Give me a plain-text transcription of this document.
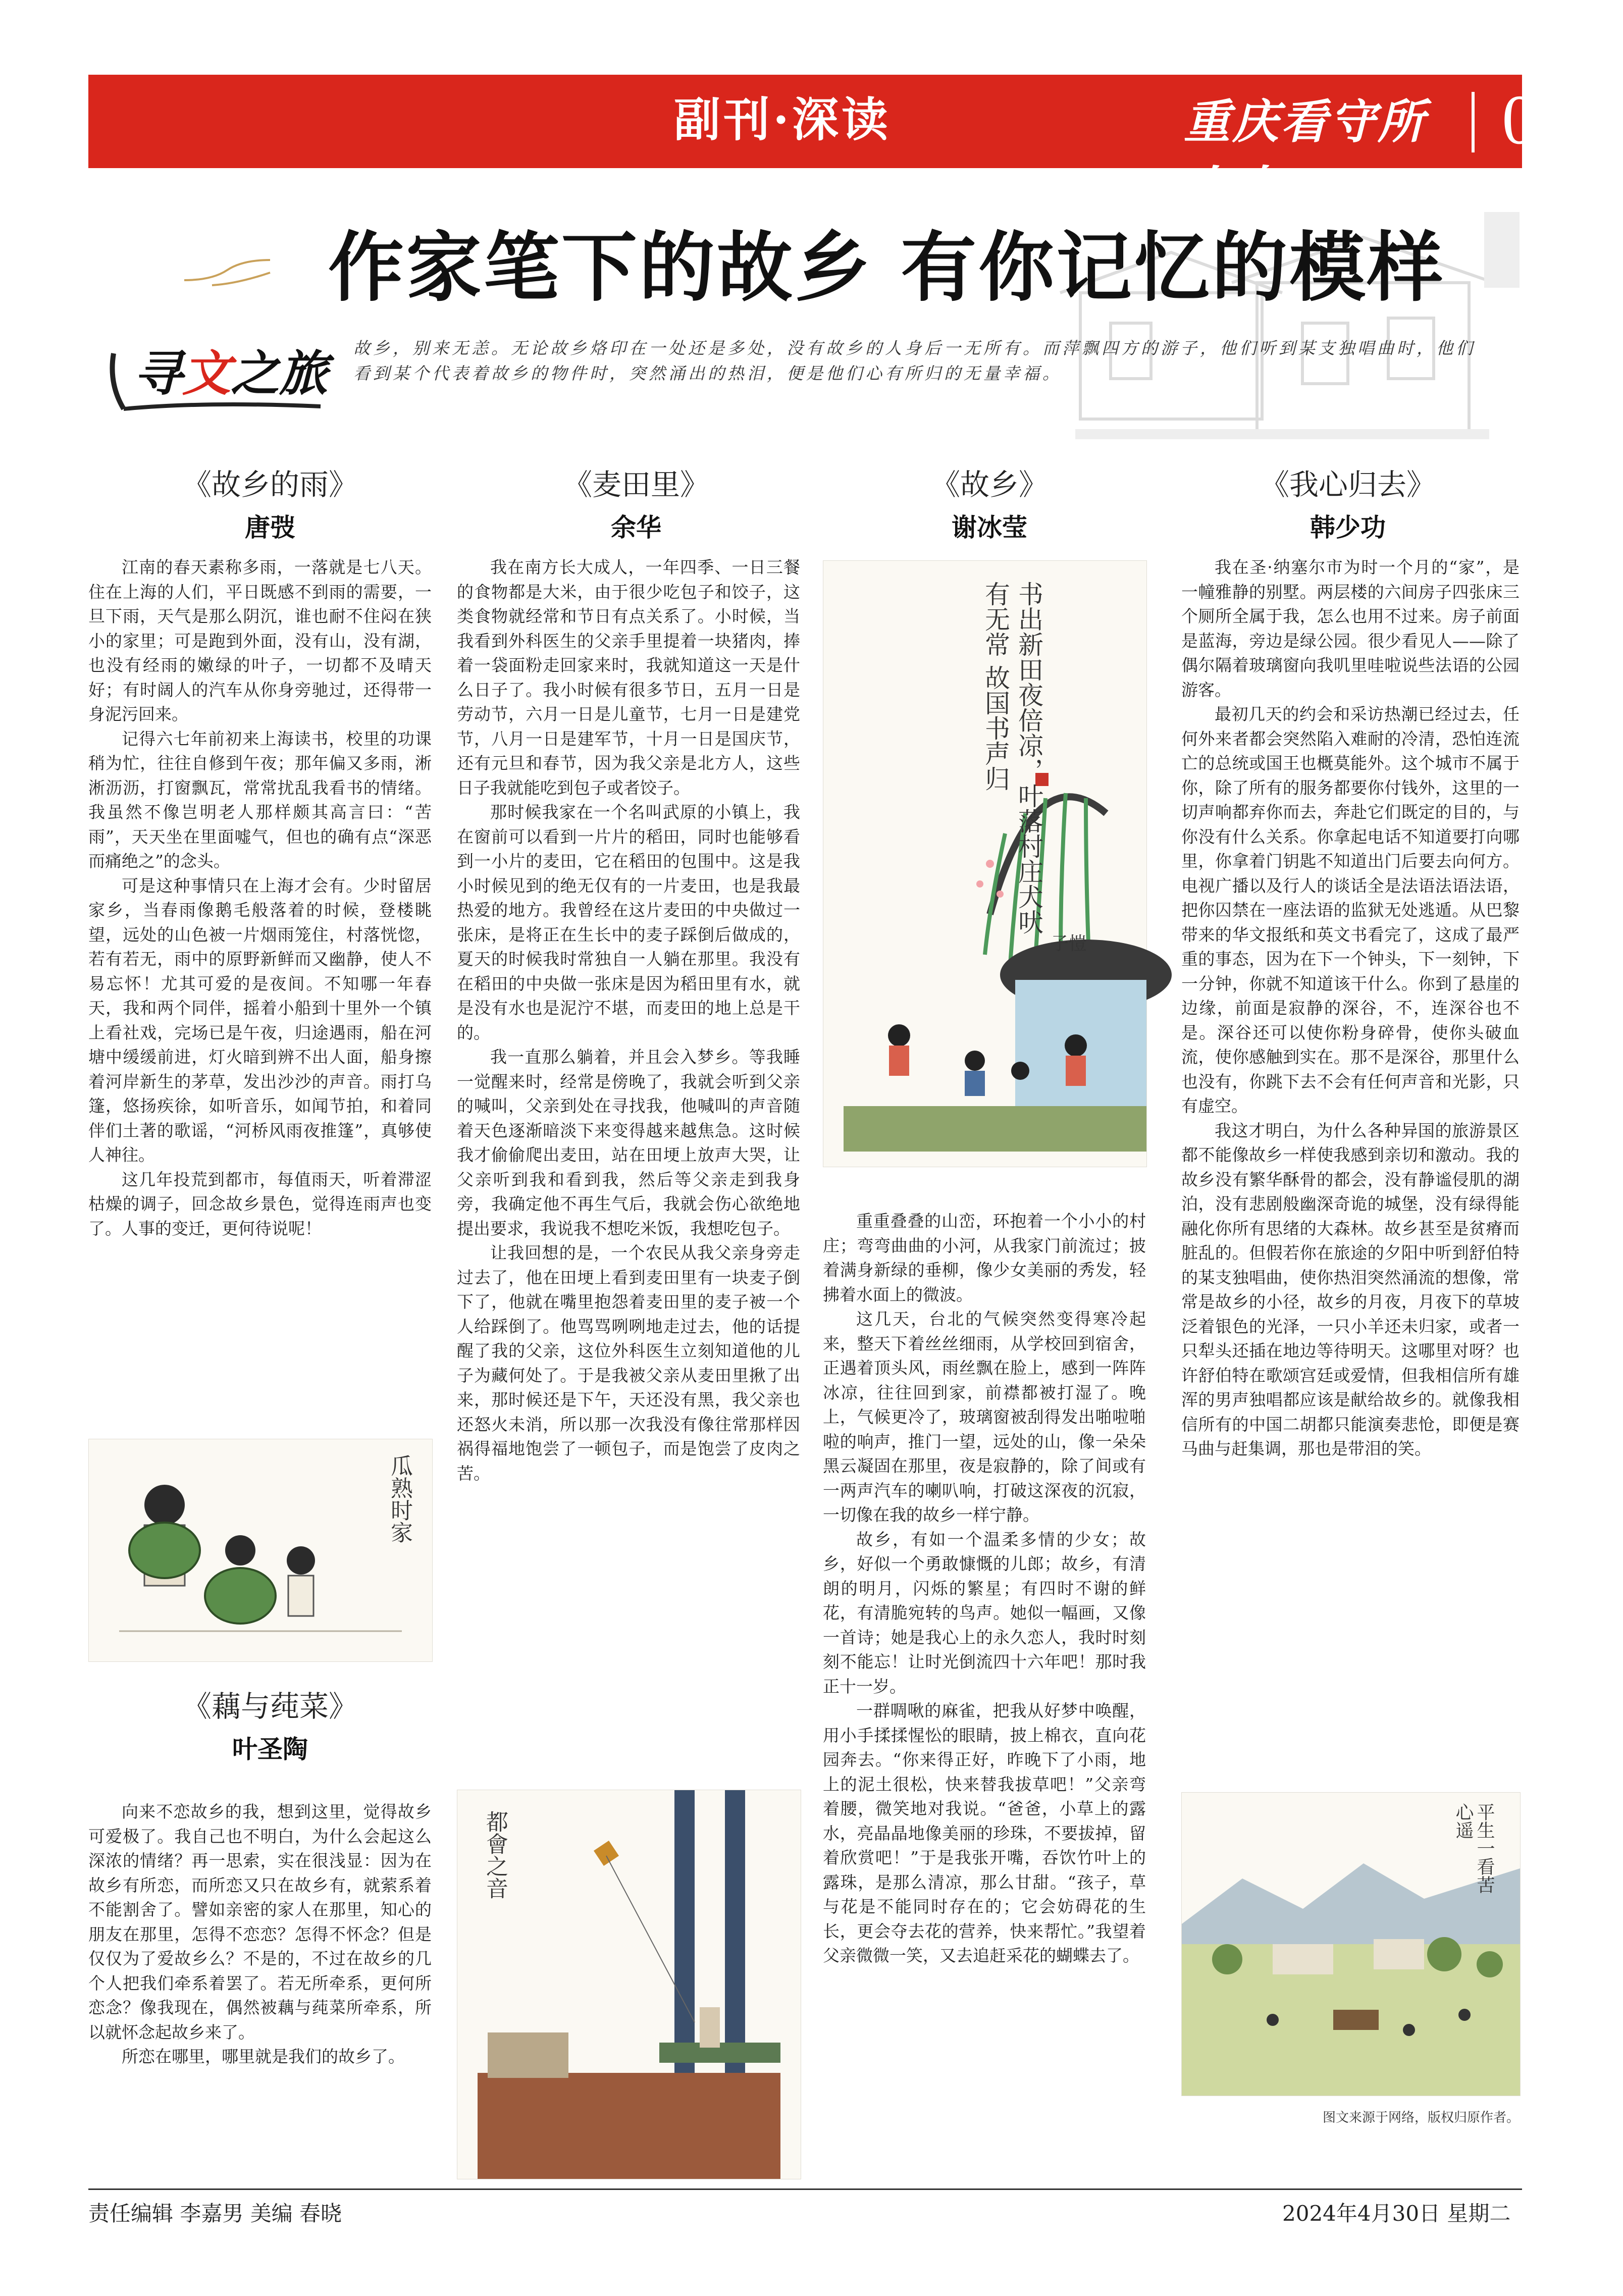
副刊·深读	重庆看守所人士
07
作家笔下的故乡 有你记忆的模样
寻文之旅 故乡，别来无恙。无论故乡烙印在一处还是多处，没有故乡的人身后一无所有。而萍飘四方的游子，他们听到某支独唱曲时，他们看到某个代表着故乡的物件时，突然涌出的热泪，便是他们心有所归的无量幸福。
《故乡的雨》
唐弢

江南的春天素称多雨，一落就是七八天。住在上海的人们，平日既感不到雨的需要，一旦下雨，天气是那么阴沉，谁也耐不住闷在狭小的家里；可是跑到外面，没有山，没有湖，也没有经雨的嫩绿的叶子，一切都不及晴天好；有时阔人的汽车从你身旁驰过，还得带一身泥污回来。

记得六七年前初来上海读书，校里的功课稍为忙，往往自修到午夜；那年偏又多雨，淅淅沥沥，打窗飘瓦，常常扰乱我看书的情绪。我虽然不像岂明老人那样颇其高言曰：“苦雨”，天天坐在里面嘘气，但也的确有点“深恶而痛绝之”的念头。

可是这种事情只在上海才会有。少时留居家乡，当春雨像鹅毛般落着的时候，登楼眺望，远处的山色被一片烟雨笼住，村落恍惚，若有若无，雨中的原野新鲜而又幽静，使人不易忘怀！尤其可爱的是夜间。不知哪一年春天，我和两个同伴，摇着小船到十里外一个镇上看社戏，完场已是午夜，归途遇雨，船在河塘中缓缓前进，灯火暗到辨不出人面，船身擦着河岸新生的茅草，发出沙沙的声音。雨打乌篷，悠扬疾徐，如听音乐，如闻节拍，和着同伴们土著的歌谣，“河桥风雨夜推篷”，真够使人神往。

这几年投荒到都市，每值雨天，听着滞涩枯燥的调子，回念故乡景色，觉得连雨声也变了。人事的变迁，更何待说呢！

瓜熟时家
《藕与莼菜》
叶圣陶

向来不恋故乡的我，想到这里，觉得故乡可爱极了。我自己也不明白，为什么会起这么深浓的情绪？再一思索，实在很浅显：因为在故乡有所恋，而所恋又只在故乡有，就萦系着不能割舍了。譬如亲密的家人在那里，知心的朋友在那里，怎得不恋恋？怎得不怀念？但是仅仅为了爱故乡么？不是的，不过在故乡的几个人把我们牵系着罢了。若无所牵系，更何所恋念？像我现在，偶然被藕与莼菜所牵系，所以就怀念起故乡来了。

所恋在哪里，哪里就是我们的故乡了。

《麦田里》
余华

我在南方长大成人，一年四季、一日三餐的食物都是大米，由于很少吃包子和饺子，这类食物就经常和节日有点关系了。小时候，当我看到外科医生的父亲手里提着一块猪肉，捧着一袋面粉走回家来时，我就知道这一天是什么日子了。我小时候有很多节日，五月一日是劳动节，六月一日是儿童节，七月一日是建党节，八月一日是建军节，十月一日是国庆节，还有元旦和春节，因为我父亲是北方人，这些日子我就能吃到包子或者饺子。

那时候我家在一个名叫武原的小镇上，我在窗前可以看到一片片的稻田，同时也能够看到一小片的麦田，它在稻田的包围中。这是我小时候见到的绝无仅有的一片麦田，也是我最热爱的地方。我曾经在这片麦田的中央做过一张床，是将正在生长中的麦子踩倒后做成的，夏天的时候我时常独自一人躺在那里。我没有在稻田的中央做一张床是因为稻田里有水，就是没有水也是泥泞不堪，而麦田的地上总是干的。

我一直那么躺着，并且会入梦乡。等我睡一觉醒来时，经常是傍晚了，我就会听到父亲的喊叫，父亲到处在寻找我，他喊叫的声音随着天色逐渐暗淡下来变得越来越焦急。这时候我才偷偷爬出麦田，站在田埂上放声大哭，让父亲听到我和看到我，然后等父亲走到我身旁，我确定他不再生气后，我就会伤心欲绝地提出要求，我说我不想吃米饭，我想吃包子。

让我回想的是，一个农民从我父亲身旁走过去了，他在田埂上看到麦田里有一块麦子倒下了，他就在嘴里抱怨着麦田里的麦子被一个人给踩倒了。他骂骂咧咧地走过去，他的话提醒了我的父亲，这位外科医生立刻知道他的儿子为藏何处了。于是我被父亲从麦田里揪了出来，那时候还是下午，天还没有黑，我父亲也还怒火未消，所以那一次我没有像往常那样因祸得福地饱尝了一顿包子，而是饱尝了皮肉之苦。

都會之音
《故乡》
谢冰莹
书出新田夜倍凉，叶落村庄犬吠有无常 故国书声归
子愷

重重叠叠的山峦，环抱着一个小小的村庄；弯弯曲曲的小河，从我家门前流过；披着满身新绿的垂柳，像少女美丽的秀发，轻拂着水面上的微波。

这几天，台北的气候突然变得寒冷起来，整天下着丝丝细雨，从学校回到宿舍，正遇着顶头风，雨丝飘在脸上，感到一阵阵冰凉，往往回到家，前襟都被打湿了。晚上，气候更冷了，玻璃窗被刮得发出啪啦啪啦的响声，推门一望，远处的山，像一朵朵黑云凝固在那里，夜是寂静的，除了间或有一两声汽车的喇叭响，打破这深夜的沉寂，一切像在我的故乡一样宁静。

故乡，有如一个温柔多情的少女；故乡，好似一个勇敢慷慨的儿郎；故乡，有清朗的明月，闪烁的繁星；有四时不谢的鲜花，有清脆宛转的鸟声。她似一幅画，又像一首诗；她是我心上的永久恋人，我时时刻刻不能忘！让时光倒流四十六年吧！那时我正十一岁。

一群啁啾的麻雀，把我从好梦中唤醒，用小手揉揉惺忪的眼睛，披上棉衣，直向花园奔去。“你来得正好，昨晚下了小雨，地上的泥土很松，快来替我拔草吧！”父亲弯着腰，微笑地对我说。“爸爸，小草上的露水，亮晶晶地像美丽的珍珠，不要拔掉，留着欣赏吧！”于是我张开嘴，吞饮竹叶上的露珠，是那么清凉，那么甘甜。“孩子，草与花是不能同时存在的；它会妨碍花的生长，更会夺去花的营养，快来帮忙。”我望着父亲微微一笑，又去追赶采花的蝴蝶去了。

《我心归去》
韩少功

我在圣·纳塞尔市为时一个月的“家”，是一幢雅静的别墅。两层楼的六间房子四张床三个厕所全属于我，怎么也用不过来。房子前面是蓝海，旁边是绿公园。很少看见人——除了偶尔隔着玻璃窗向我叽里哇啦说些法语的公园游客。

最初几天的约会和采访热潮已经过去，任何外来者都会突然陷入难耐的冷清，恐怕连流亡的总统或国王也概莫能外。这个城市不属于你，除了所有的服务都要你付钱外，这里的一切声响都弃你而去，奔赴它们既定的目的，与你没有什么关系。你拿起电话不知道要打向哪里，你拿着门钥匙不知道出门后要去向何方。电视广播以及行人的谈话全是法语法语法语，把你囚禁在一座法语的监狱无处逃遁。从巴黎带来的华文报纸和英文书看完了，这成了最严重的事态，因为在下一个钟头，下一刻钟，下一分钟，你就不知道该干什么。你到了悬崖的边缘，前面是寂静的深谷，不，连深谷也不是。深谷还可以使你粉身碎骨，使你头破血流，使你感触到实在。那不是深谷，那里什么也没有，你跳下去不会有任何声音和光影，只有虚空。

我这才明白，为什么各种异国的旅游景区都不能像故乡一样使我感到亲切和激动。我的故乡没有繁华酥骨的都会，没有静谧侵肌的湖泊，没有悲剧般幽深奇诡的城堡，没有绿得能融化你所有思绪的大森林。故乡甚至是贫瘠而脏乱的。但假若你在旅途的夕阳中听到舒伯特的某支独唱曲，使你热泪突然涌流的想像，常常是故乡的小径，故乡的月夜，月夜下的草坡泛着银色的光泽，一只小羊还未归家，或者一只犁头还插在地边等待明天。这哪里对呀？也许舒伯特在歌颂宫廷或爱情，但我相信所有雄浑的男声独唱都应该是献给故乡的。就像我相信所有的中国二胡都只能演奏悲怆，即便是赛马曲与赶集调，那也是带泪的笑。

平生一看苦心遥
图文来源于网络，版权归原作者。
责任编辑 李嘉男 美编 春晓	2024年4月30日 星期二
